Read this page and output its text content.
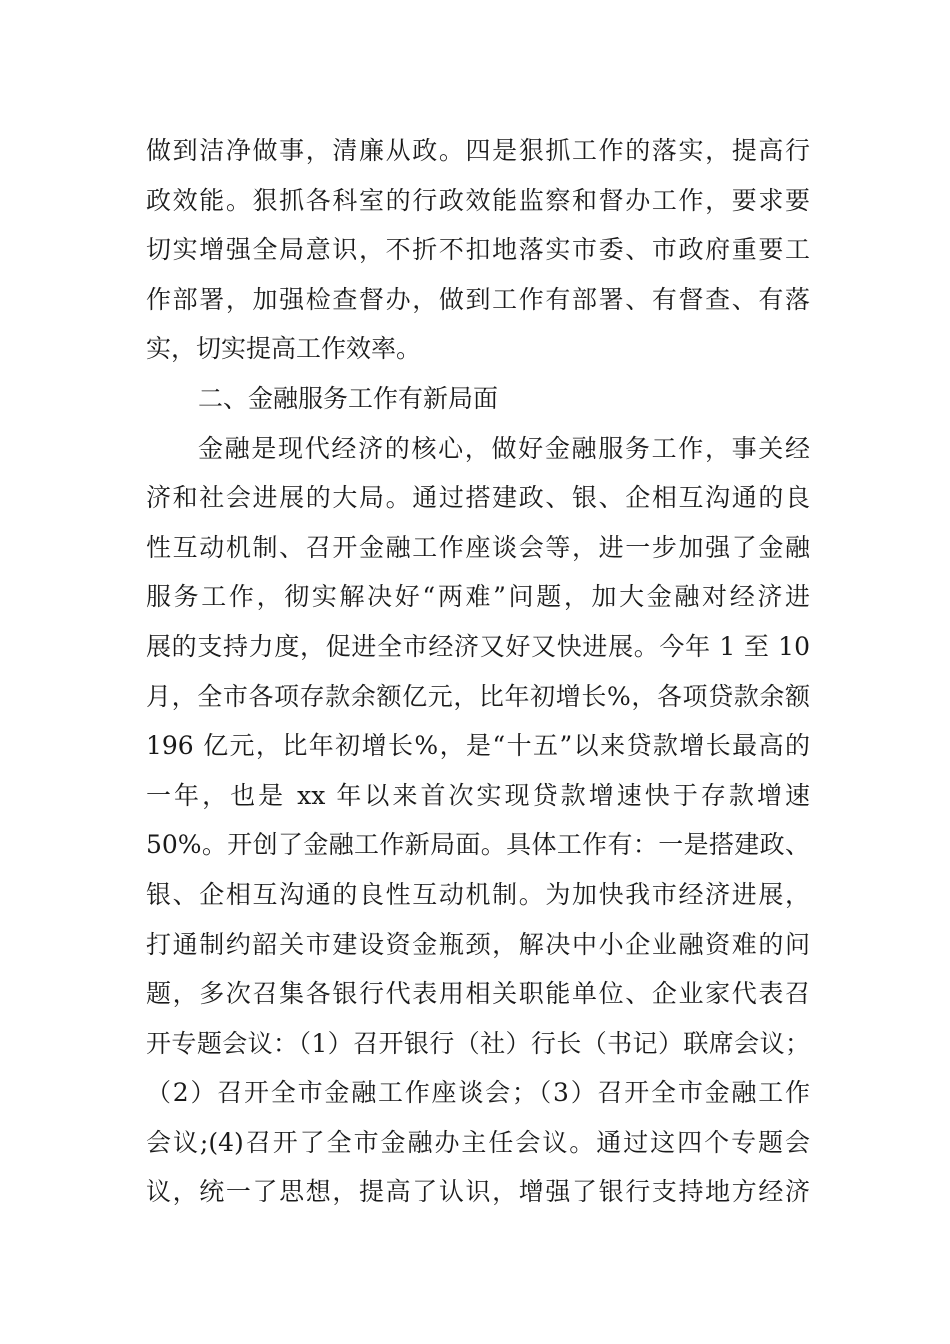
做到洁净做事，清廉从政。四是狠抓工作的落实，提高行
政效能。狠抓各科室的行政效能监察和督办工作，要求要
切实增强全局意识，不折不扣地落实市委、市政府重要工
作部署，加强检查督办，做到工作有部署、有督查、有落
实，切实提高工作效率。
二、金融服务工作有新局面
金融是现代经济的核心，做好金融服务工作，事关经
济和社会进展的大局。通过搭建政、银、企相互沟通的良
性互动机制、召开金融工作座谈会等，进一步加强了金融
服务工作，彻实解决好“两难”问题，加大金融对经济进
展的支持力度，促进全市经济又好又快进展。今年 1 至 10
月，全市各项存款余额亿元，比年初增长%，各项贷款余额
196 亿元，比年初增长%，是“十五”以来贷款增长最高的
一年，也是 xx 年以来首次实现贷款增速快于存款增速
50%。开创了金融工作新局面。具体工作有：一是搭建政、
银、企相互沟通的良性互动机制。为加快我市经济进展，
打通制约韶关市建设资金瓶颈，解决中小企业融资难的问
题，多次召集各银行代表用相关职能单位、企业家代表召
开专题会议：（1）召开银行（社）行长（书记）联席会议；
（2）召开全市金融工作座谈会；（3）召开全市金融工作
会议;(4)召开了全市金融办主任会议。通过这四个专题会
议，统一了思想，提高了认识，增强了银行支持地方经济
